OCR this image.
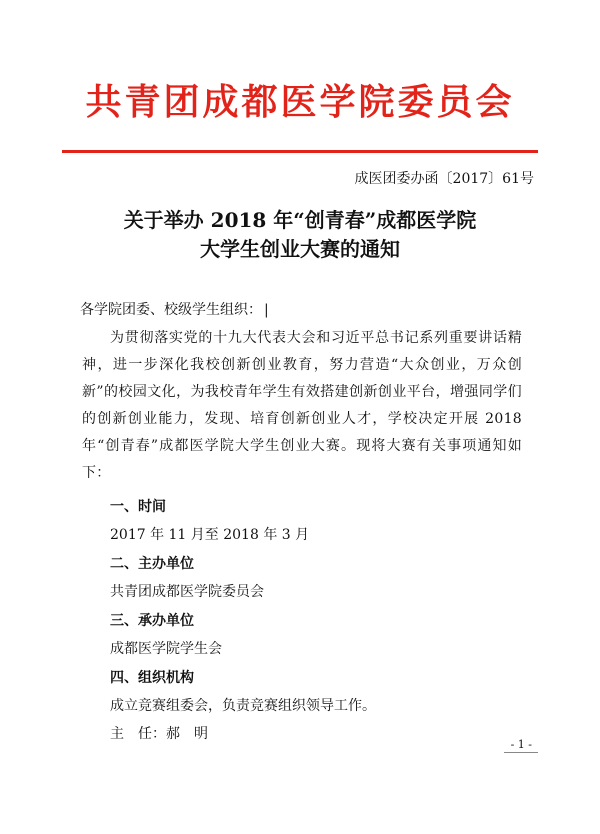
共青团成都医学院委员会
成医团委办函〔2017〕61号
关于举办 2018 年“创青春”成都医学院
大学生创业大赛的通知
各学院团委、校级学生组织： |
为贯彻落实党的十九大代表大会和习近平总书记系列重要讲话精神，进一步深化我校创新创业教育，努力营造“大众创业，万众创新”的校园文化，为我校青年学生有效搭建创新创业平台，增强同学们的创新创业能力，发现、培育创新创业人才，学校决定开展 2018 年“创青春”成都医学院大学生创业大赛。现将大赛有关事项通知如下：
一、时间
2017 年 11 月至 2018 年 3 月
二、主办单位
共青团成都医学院委员会
三、承办单位
成都医学院学生会
四、组织机构
成立竞赛组委会，负责竞赛组织领导工作。
主　任：郝　明
- 1 -
